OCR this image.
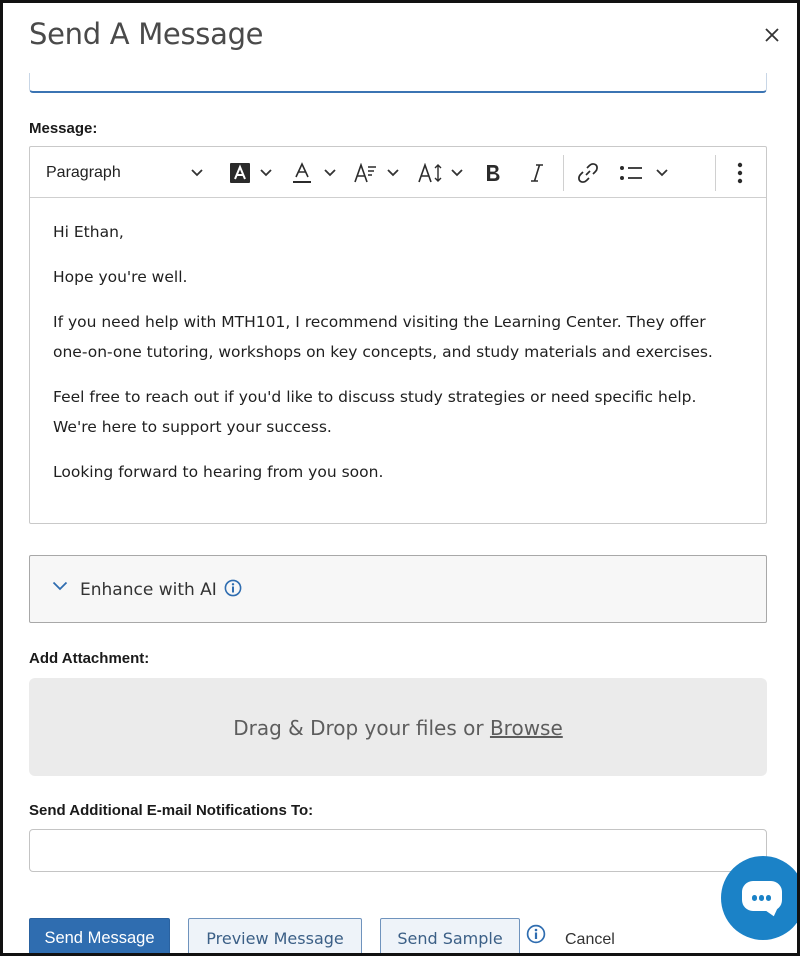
Send A Message
Message:
Paragraph

Hi Ethan,

Hope you're well.

If you need help with MTH101, I recommend visiting the Learning Center. They offer one-on-one tutoring, workshops on key concepts, and study materials and exercises.

Feel free to reach out if you'd like to discuss study strategies or need specific help. We're here to support your success.

Looking forward to hearing from you soon.

Enhance with AI
Add Attachment:
Drag & Drop your files or Browse
Send Additional E-mail Notifications To:
Send Message	Preview Message	Send Sample	Cancel
